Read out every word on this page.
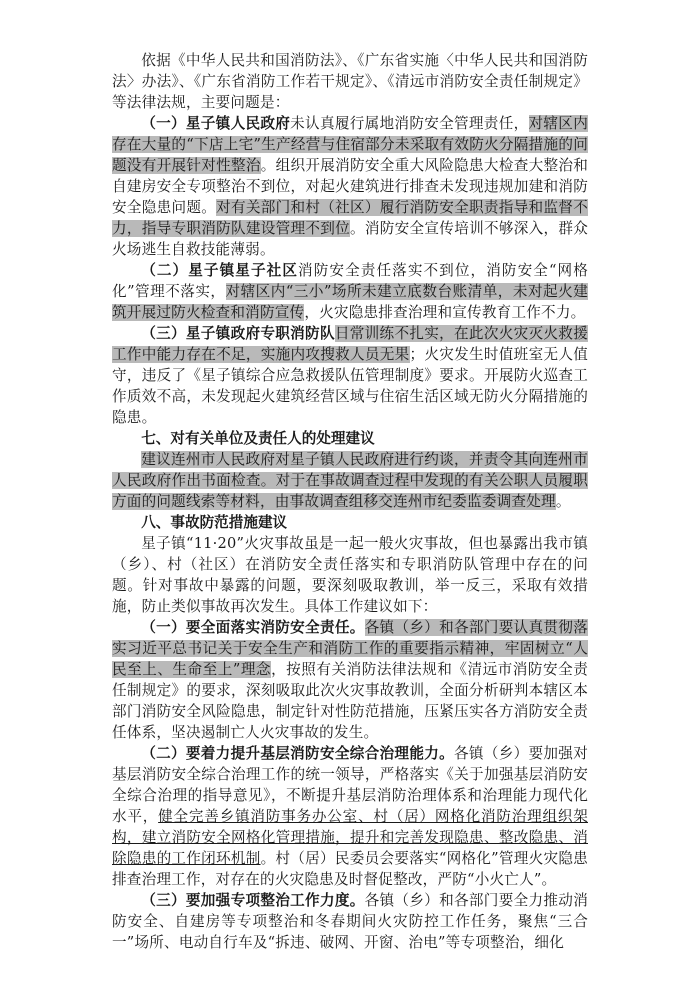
依据《中华人民共和国消防法》、《广东省实施〈中华人民共和国消防法〉办法》、《广东省消防工作若干规定》、《清远市消防安全责任制规定》等法律法规，主要问题是：

（一）星子镇人民政府未认真履行属地消防安全管理责任，对辖区内存在大量的“下店上宅”生产经营与住宿部分未采取有效防火分隔措施的问题没有开展针对性整治。组织开展消防安全重大风险隐患大检查大整治和自建房安全专项整治不到位，对起火建筑进行排查未发现违规加建和消防安全隐患问题。对有关部门和村（社区）履行消防安全职责指导和监督不力，指导专职消防队建设管理不到位。消防安全宣传培训不够深入，群众火场逃生自救技能薄弱。

（二）星子镇星子社区消防安全责任落实不到位，消防安全“网格化”管理不落实，对辖区内“三小”场所未建立底数台账清单，未对起火建筑开展过防火检查和消防宣传，火灾隐患排查治理和宣传教育工作不力。

（三）星子镇政府专职消防队日常训练不扎实，在此次火灾灭火救援工作中能力存在不足，实施内攻搜救人员无果；火灾发生时值班室无人值守，违反了《星子镇综合应急救援队伍管理制度》要求。开展防火巡查工作质效不高，未发现起火建筑经营区域与住宿生活区域无防火分隔措施的隐患。

七、对有关单位及责任人的处理建议

建议连州市人民政府对星子镇人民政府进行约谈，并责令其向连州市人民政府作出书面检查。对于在事故调查过程中发现的有关公职人员履职方面的问题线索等材料，由事故调查组移交连州市纪委监委调查处理。

八、事故防范措施建议

星子镇“11·20”火灾事故虽是一起一般火灾事故，但也暴露出我市镇（乡）、村（社区）在消防安全责任落实和专职消防队管理中存在的问题。针对事故中暴露的问题，要深刻吸取教训，举一反三，采取有效措施，防止类似事故再次发生。具体工作建议如下：

（一）要全面落实消防安全责任。各镇（乡）和各部门要认真贯彻落实习近平总书记关于安全生产和消防工作的重要指示精神，牢固树立“人民至上、生命至上”理念，按照有关消防法律法规和《清远市消防安全责任制规定》的要求，深刻吸取此次火灾事故教训，全面分析研判本辖区本部门消防安全风险隐患，制定针对性防范措施，压紧压实各方消防安全责任体系，坚决遏制亡人火灾事故的发生。

（二）要着力提升基层消防安全综合治理能力。各镇（乡）要加强对基层消防安全综合治理工作的统一领导，严格落实《关于加强基层消防安全综合治理的指导意见》，不断提升基层消防治理体系和治理能力现代化水平，健全完善乡镇消防事务办公室、村（居）网格化消防治理组织架构，建立消防安全网格化管理措施，提升和完善发现隐患、整改隐患、消除隐患的工作闭环机制。村（居）民委员会要落实“网格化”管理火灾隐患排查治理工作，对存在的火灾隐患及时督促整改，严防“小火亡人”。

（三）要加强专项整治工作力度。各镇（乡）和各部门要全力推动消防安全、自建房等专项整治和冬春期间火灾防控工作任务，聚焦“三合一”场所、电动自行车及“拆违、破网、开窗、治电”等专项整治，细化
